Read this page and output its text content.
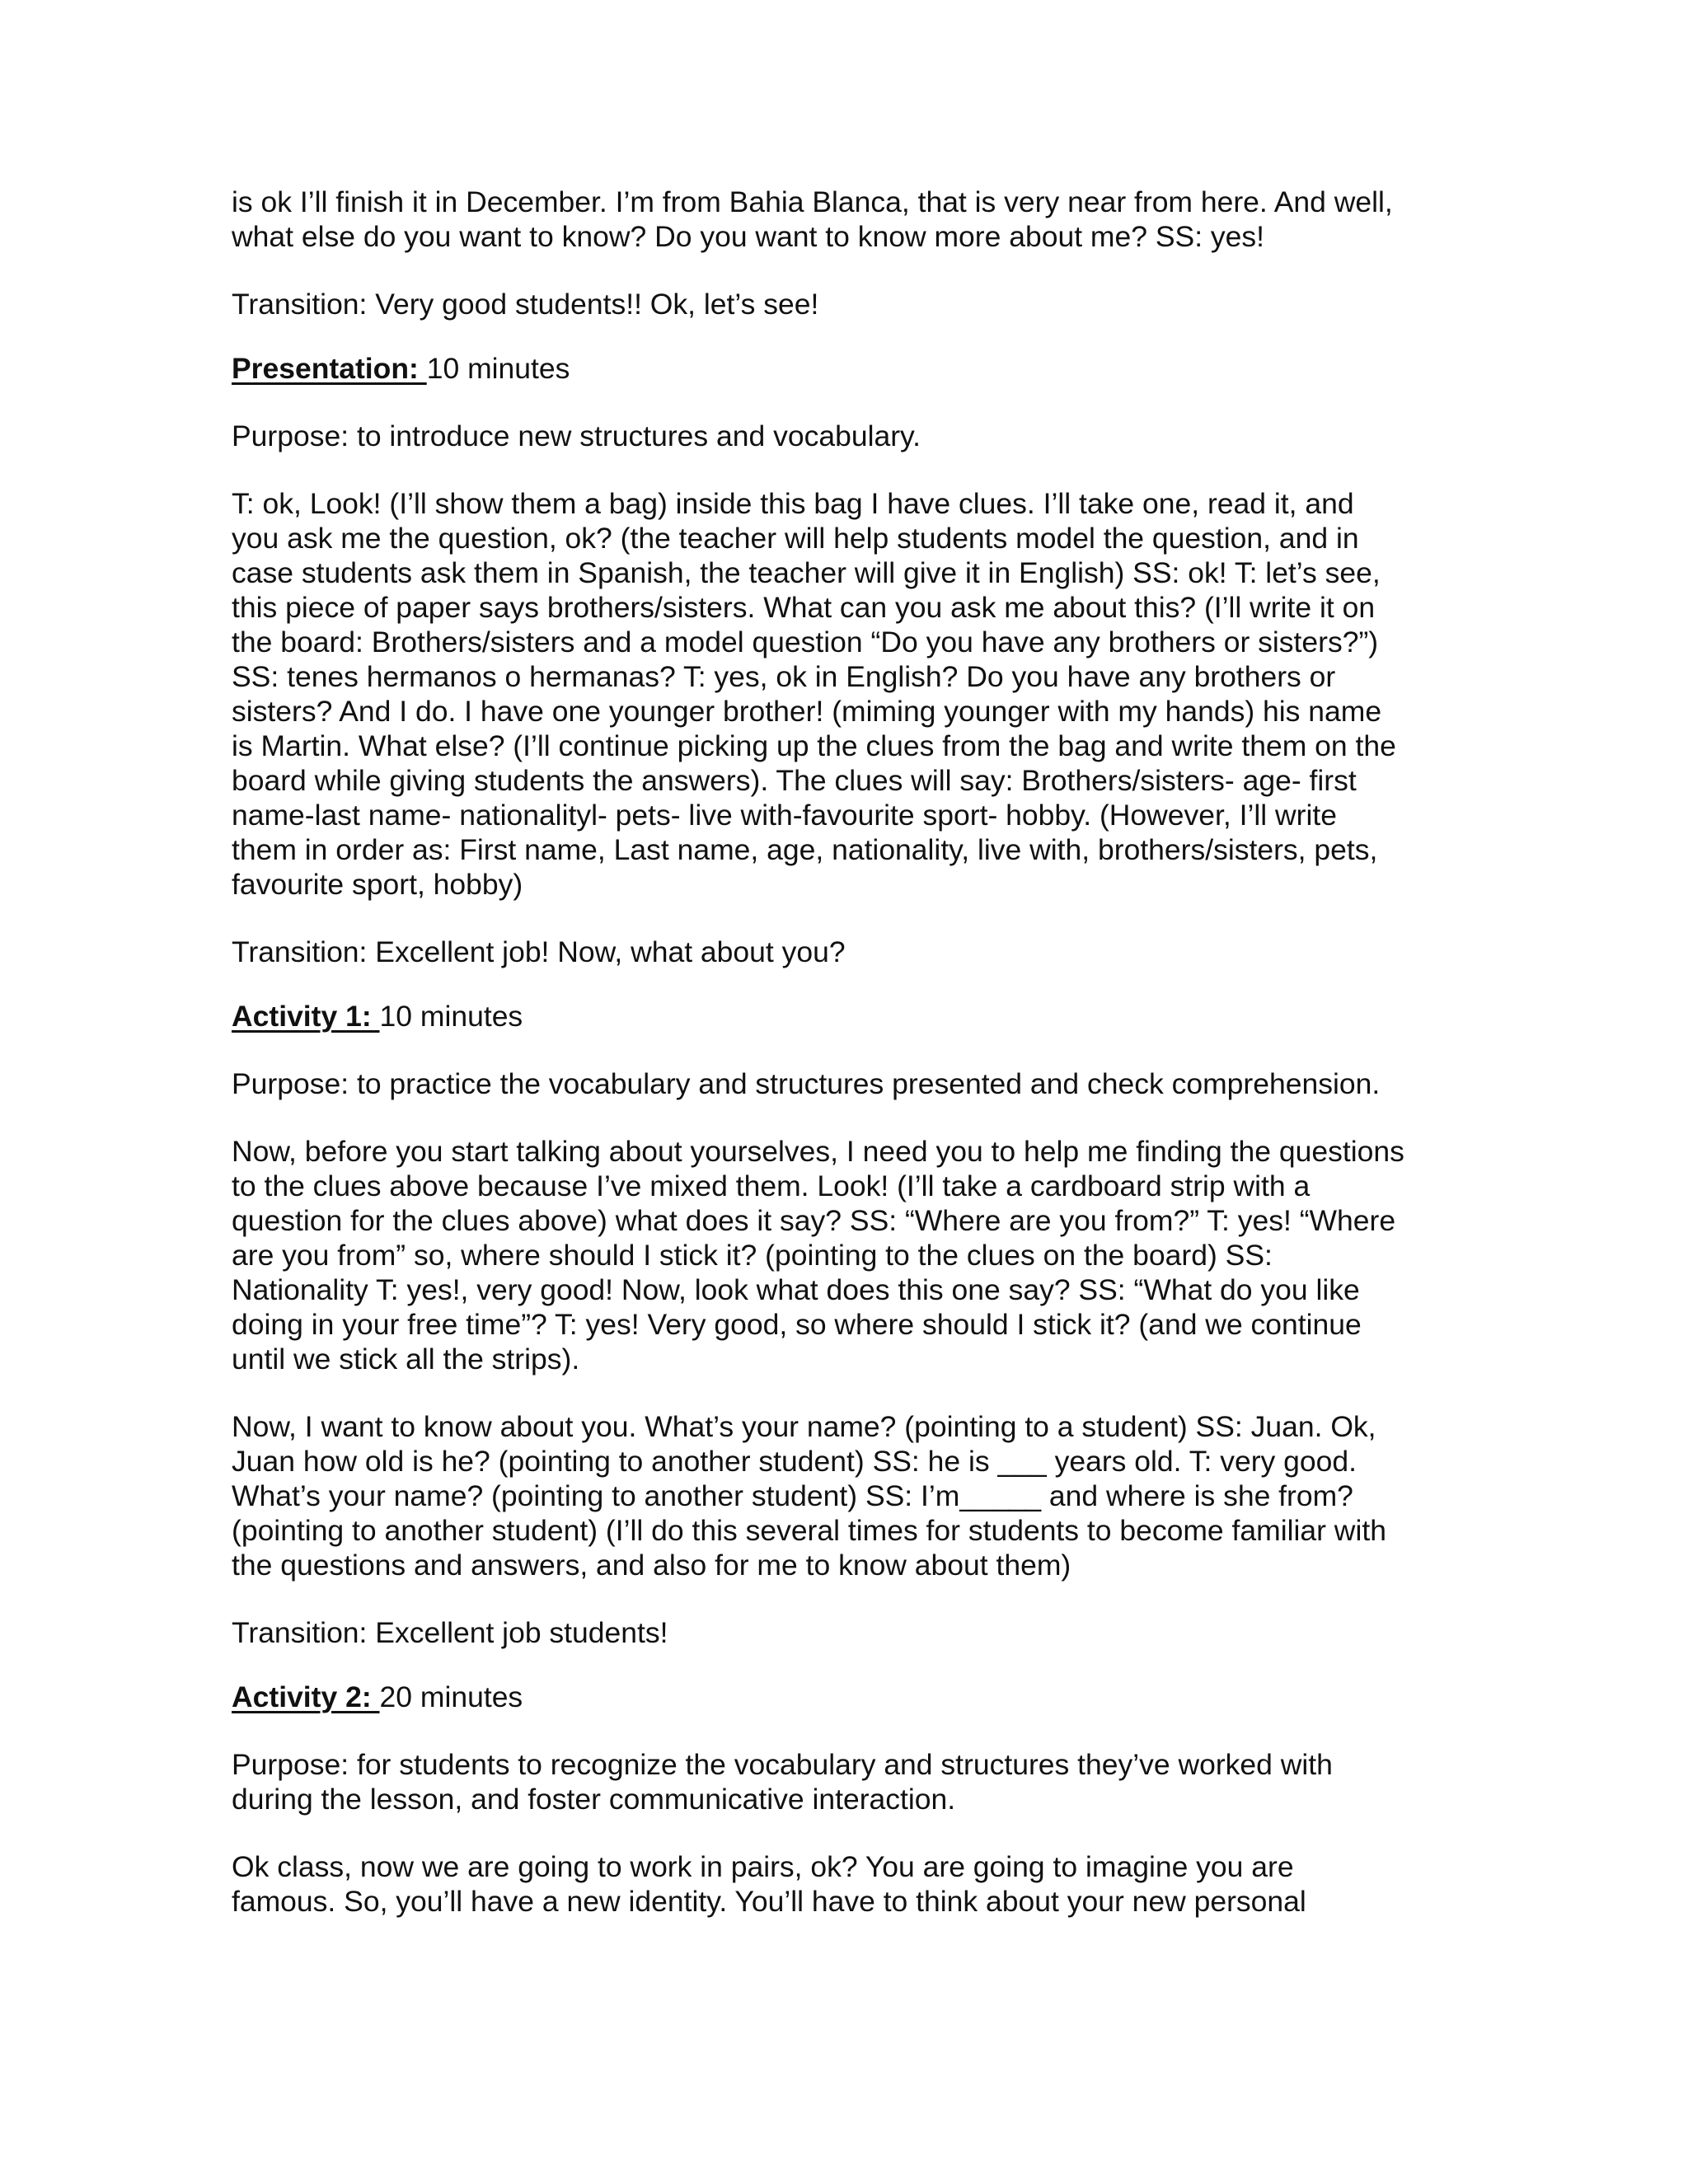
is ok I’ll finish it in December. I’m from Bahia Blanca, that is very near from here. And well,
what else do you want to know? Do you want to know more about me? SS: yes!

Transition: Very good students!! Ok, let’s see!

Presentation: 10 minutes

Purpose: to introduce new structures and vocabulary.

T: ok, Look! (I’ll show them a bag) inside this bag I have clues. I’ll take one, read it, and
you ask me the question, ok? (the teacher will help students model the question, and in
case students ask them in Spanish, the teacher will give it in English) SS: ok! T: let’s see,
this piece of paper says brothers/sisters. What can you ask me about this? (I’ll write it on
the board: Brothers/sisters and a model question “Do you have any brothers or sisters?”)
SS: tenes hermanos o hermanas? T: yes, ok in English? Do you have any brothers or
sisters? And I do. I have one younger brother! (miming younger with my hands) his name
is Martin. What else? (I’ll continue picking up the clues from the bag and write them on the
board while giving students the answers). The clues will say: Brothers/sisters- age- first
name-last name- nationalityl- pets- live with-favourite sport- hobby. (However, I’ll write
them in order as: First name, Last name, age, nationality, live with, brothers/sisters, pets,
favourite sport, hobby)

Transition: Excellent job! Now, what about you?

Activity 1: 10 minutes

Purpose: to practice the vocabulary and structures presented and check comprehension.

Now, before you start talking about yourselves, I need you to help me finding the questions
to the clues above because I’ve mixed them. Look! (I’ll take a cardboard strip with a
question for the clues above) what does it say? SS: “Where are you from?” T: yes! “Where
are you from” so, where should I stick it? (pointing to the clues on the board) SS:
Nationality T: yes!, very good! Now, look what does this one say? SS: “What do you like
doing in your free time”? T: yes! Very good, so where should I stick it? (and we continue
until we stick all the strips).

Now, I want to know about you. What’s your name? (pointing to a student) SS: Juan. Ok,
Juan how old is he? (pointing to another student) SS: he is ___ years old. T: very good.
What’s your name? (pointing to another student) SS: I’m_____ and where is she from?
(pointing to another student) (I’ll do this several times for students to become familiar with
the questions and answers, and also for me to know about them)

Transition: Excellent job students!

Activity 2: 20 minutes

Purpose: for students to recognize the vocabulary and structures they’ve worked with
during the lesson, and foster communicative interaction.

Ok class, now we are going to work in pairs, ok? You are going to imagine you are
famous. So, you’ll have a new identity. You’ll have to think about your new personal
